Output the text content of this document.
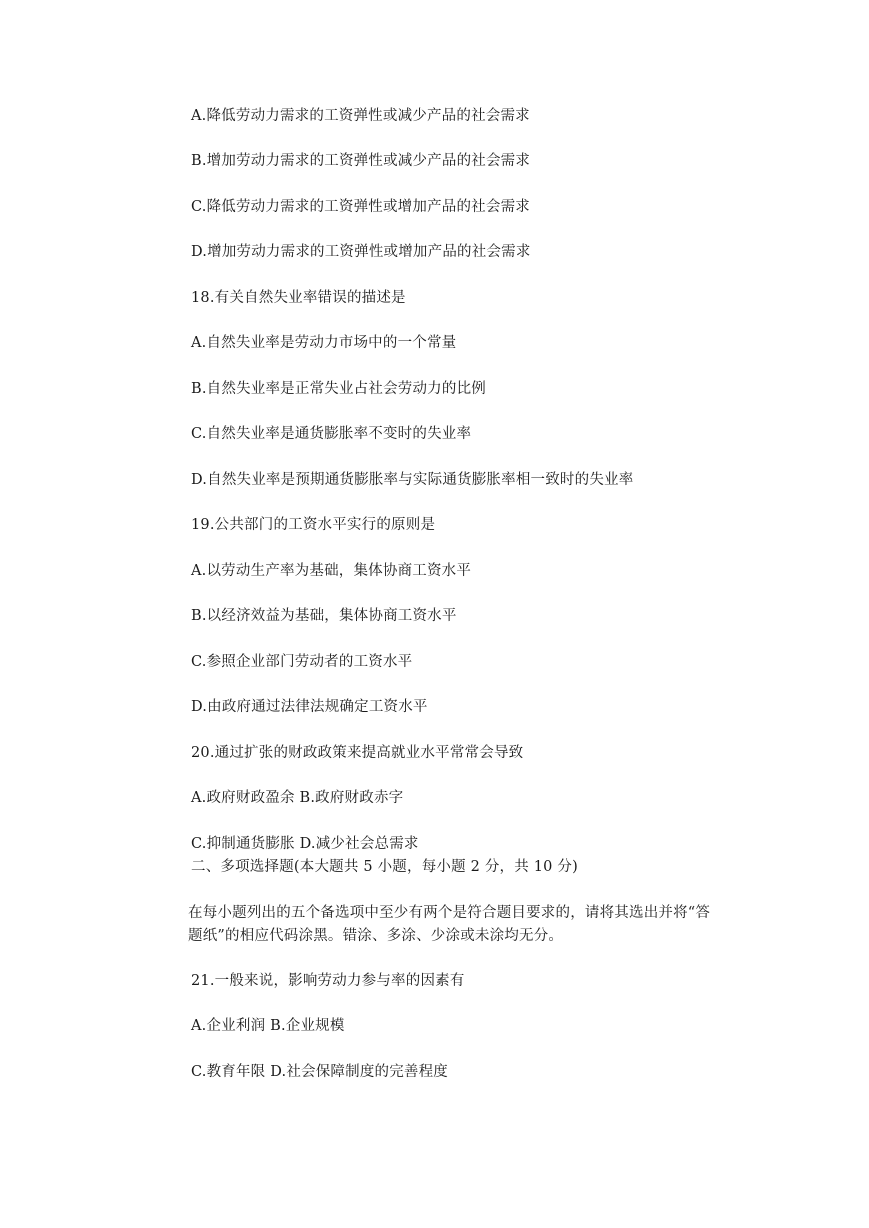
A.降低劳动力需求的工资弹性或减少产品的社会需求
B.增加劳动力需求的工资弹性或减少产品的社会需求
C.降低劳动力需求的工资弹性或增加产品的社会需求
D.增加劳动力需求的工资弹性或增加产品的社会需求
18.有关自然失业率错误的描述是
A.自然失业率是劳动力市场中的一个常量
B.自然失业率是正常失业占社会劳动力的比例
C.自然失业率是通货膨胀率不变时的失业率
D.自然失业率是预期通货膨胀率与实际通货膨胀率相一致时的失业率
19.公共部门的工资水平实行的原则是
A.以劳动生产率为基础，集体协商工资水平
B.以经济效益为基础，集体协商工资水平
C.参照企业部门劳动者的工资水平
D.由政府通过法律法规确定工资水平
20.通过扩张的财政政策来提高就业水平常常会导致
A.政府财政盈余 B.政府财政赤字
C.抑制通货膨胀 D.减少社会总需求
二、多项选择题(本大题共 5 小题，每小题 2 分，共 10 分)
在每小题列出的五个备选项中至少有两个是符合题目要求的，请将其选出并将“答
题纸”的相应代码涂黑。错涂、多涂、少涂或未涂均无分。
21.一般来说，影响劳动力参与率的因素有
A.企业利润 B.企业规模
C.教育年限 D.社会保障制度的完善程度
